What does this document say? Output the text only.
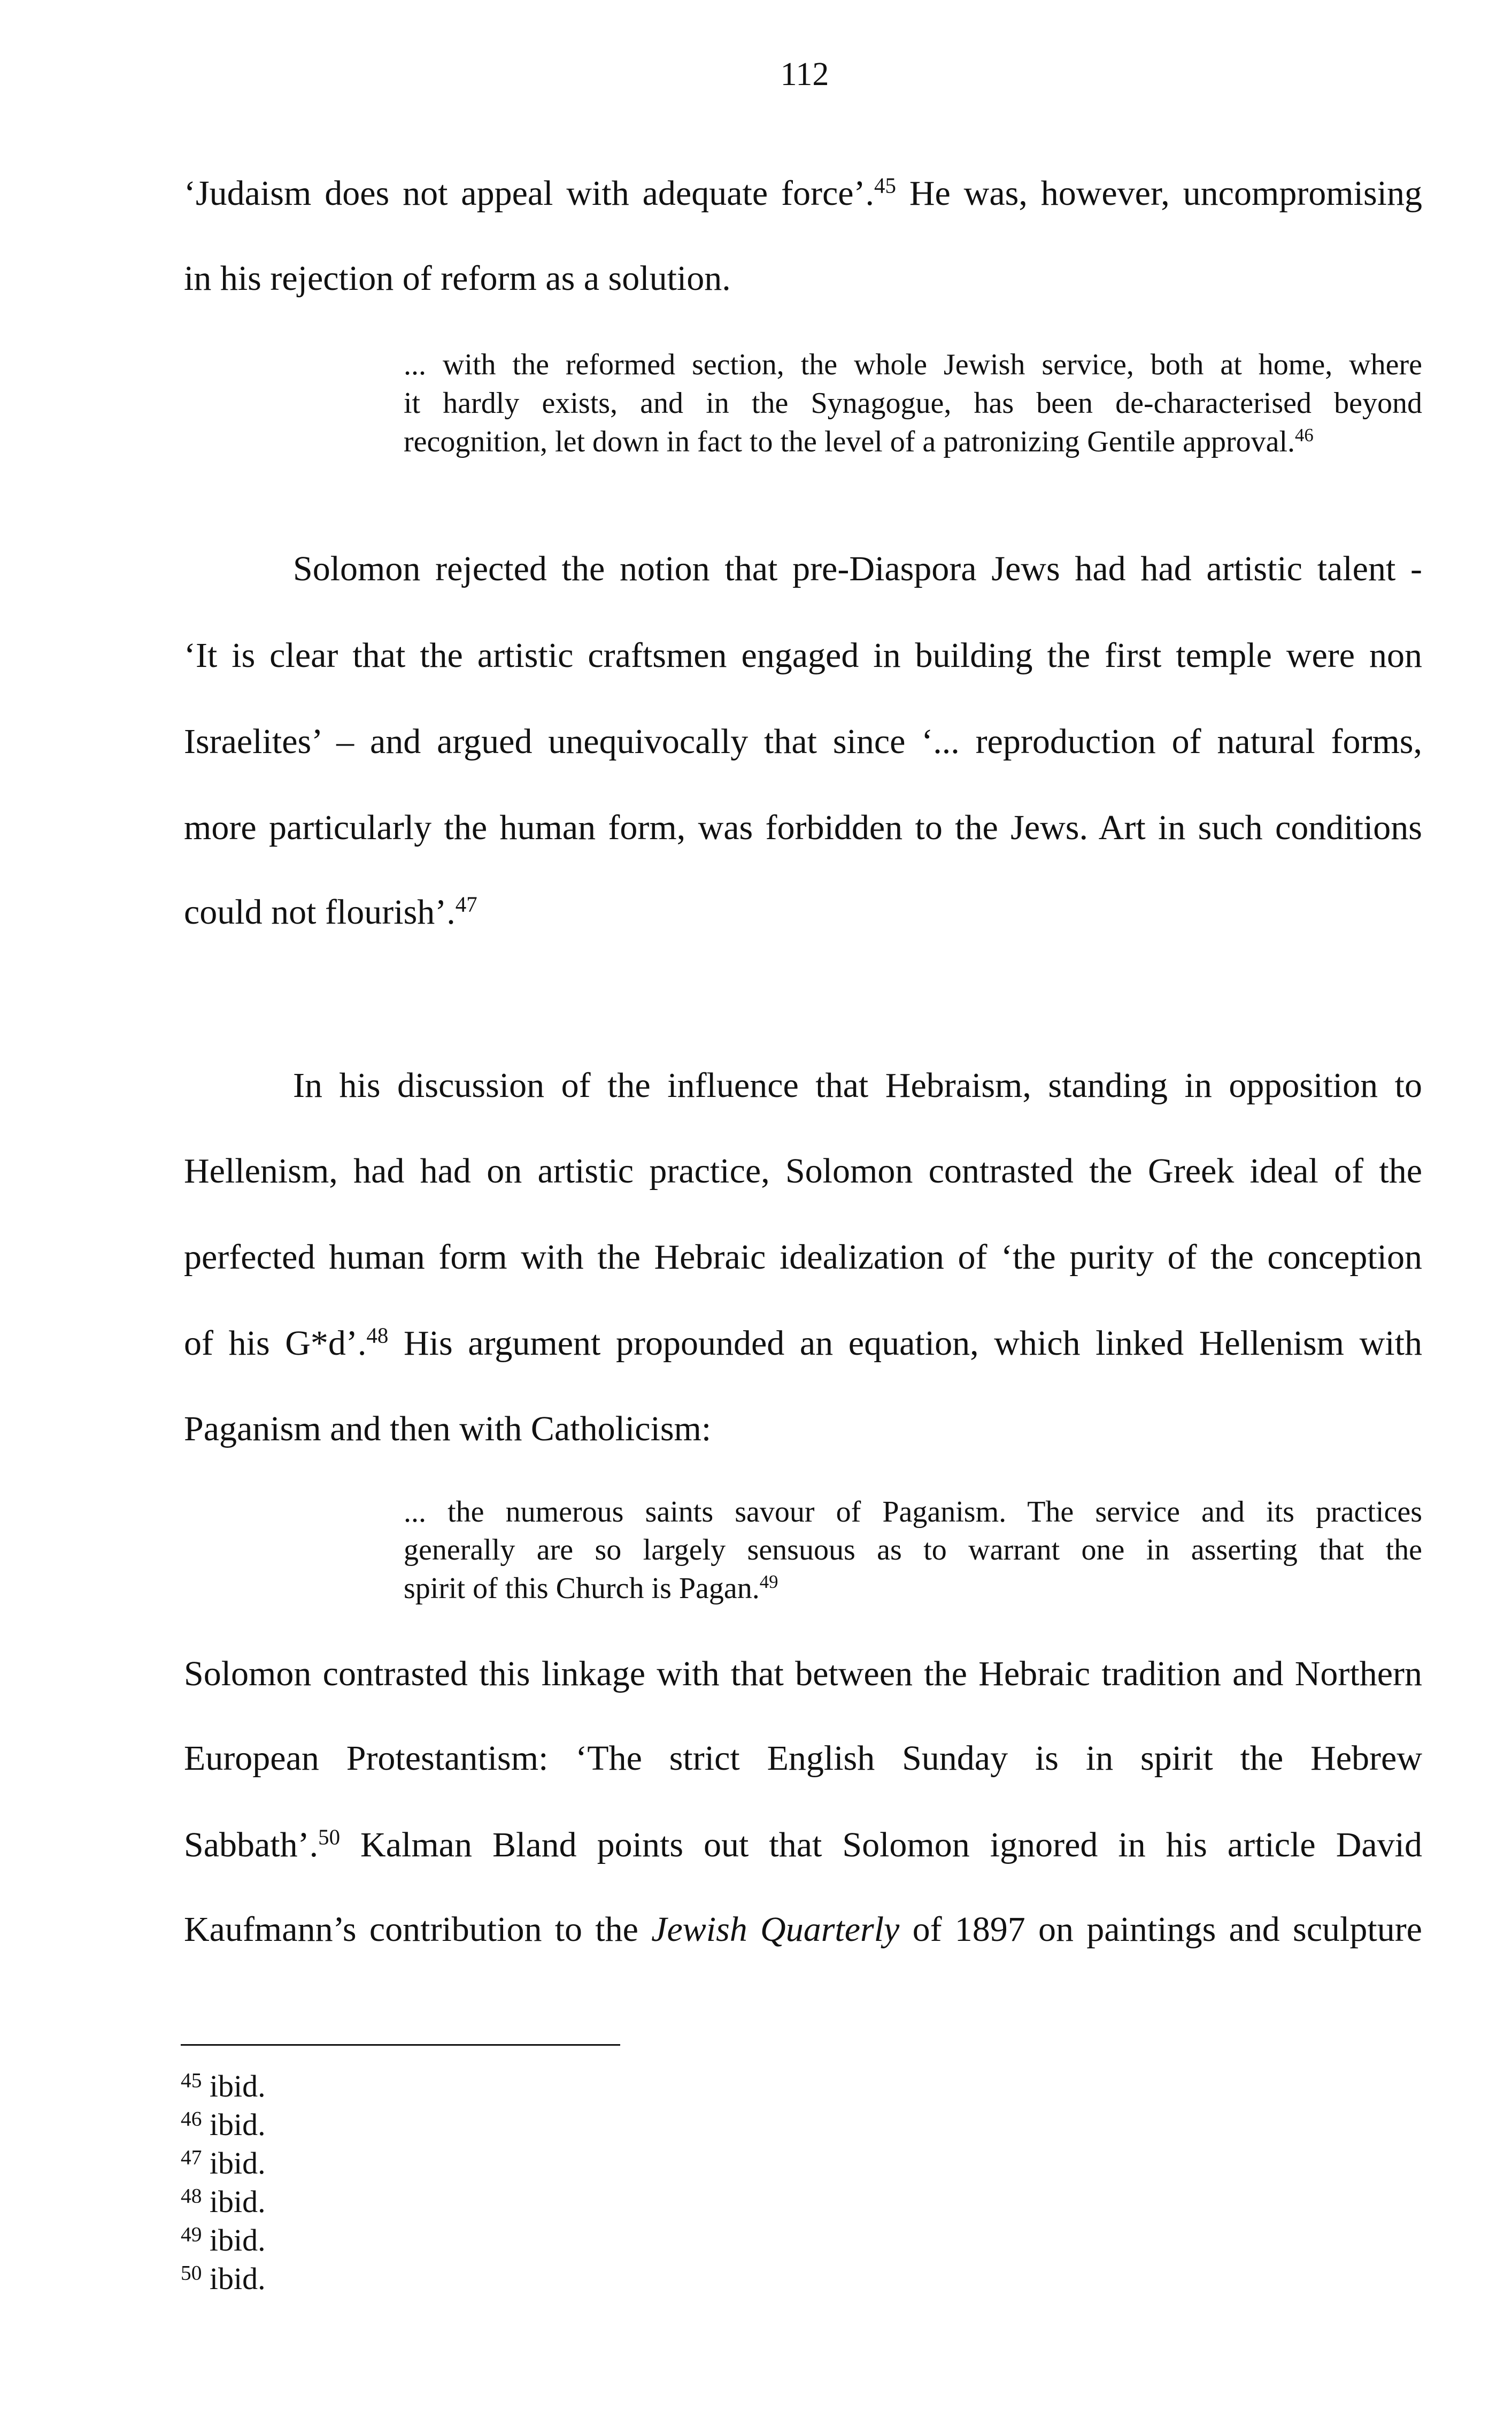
112
‘Judaism does not appeal with adequate force’.$^{45}$ He was, however, uncompromising
in his rejection of reform as a solution.
... with the reformed section, the whole Jewish service, both at home, where
it hardly exists, and in the Synagogue, has been de-characterised beyond
recognition, let down in fact to the level of a patronizing Gentile approval.$^{46}$
Solomon rejected the notion that pre-Diaspora Jews had had artistic talent -
‘It is clear that the artistic craftsmen engaged in building the first temple were non
Israelites’ – and argued unequivocally that since ‘... reproduction of natural forms,
more particularly the human form, was forbidden to the Jews. Art in such conditions
could not flourish’.$^{47}$
In his discussion of the influence that Hebraism, standing in opposition to
Hellenism, had had on artistic practice, Solomon contrasted the Greek ideal of the
perfected human form with the Hebraic idealization of ‘the purity of the conception
of his G*d’.$^{48}$ His argument propounded an equation, which linked Hellenism with
Paganism and then with Catholicism:
... the numerous saints savour of Paganism. The service and its practices
generally are so largely sensuous as to warrant one in asserting that the
spirit of this Church is Pagan.$^{49}$
Solomon contrasted this linkage with that between the Hebraic tradition and Northern
European Protestantism: ‘The strict English Sunday is in spirit the Hebrew
Sabbath’.$^{50}$ Kalman Bland points out that Solomon ignored in his article David
Kaufmann’s contribution to the Jewish Quarterly of 1897 on paintings and sculpture
$^{45}$ ibid.
$^{46}$ ibid.
$^{47}$ ibid.
$^{48}$ ibid.
$^{49}$ ibid.
$^{50}$ ibid.
